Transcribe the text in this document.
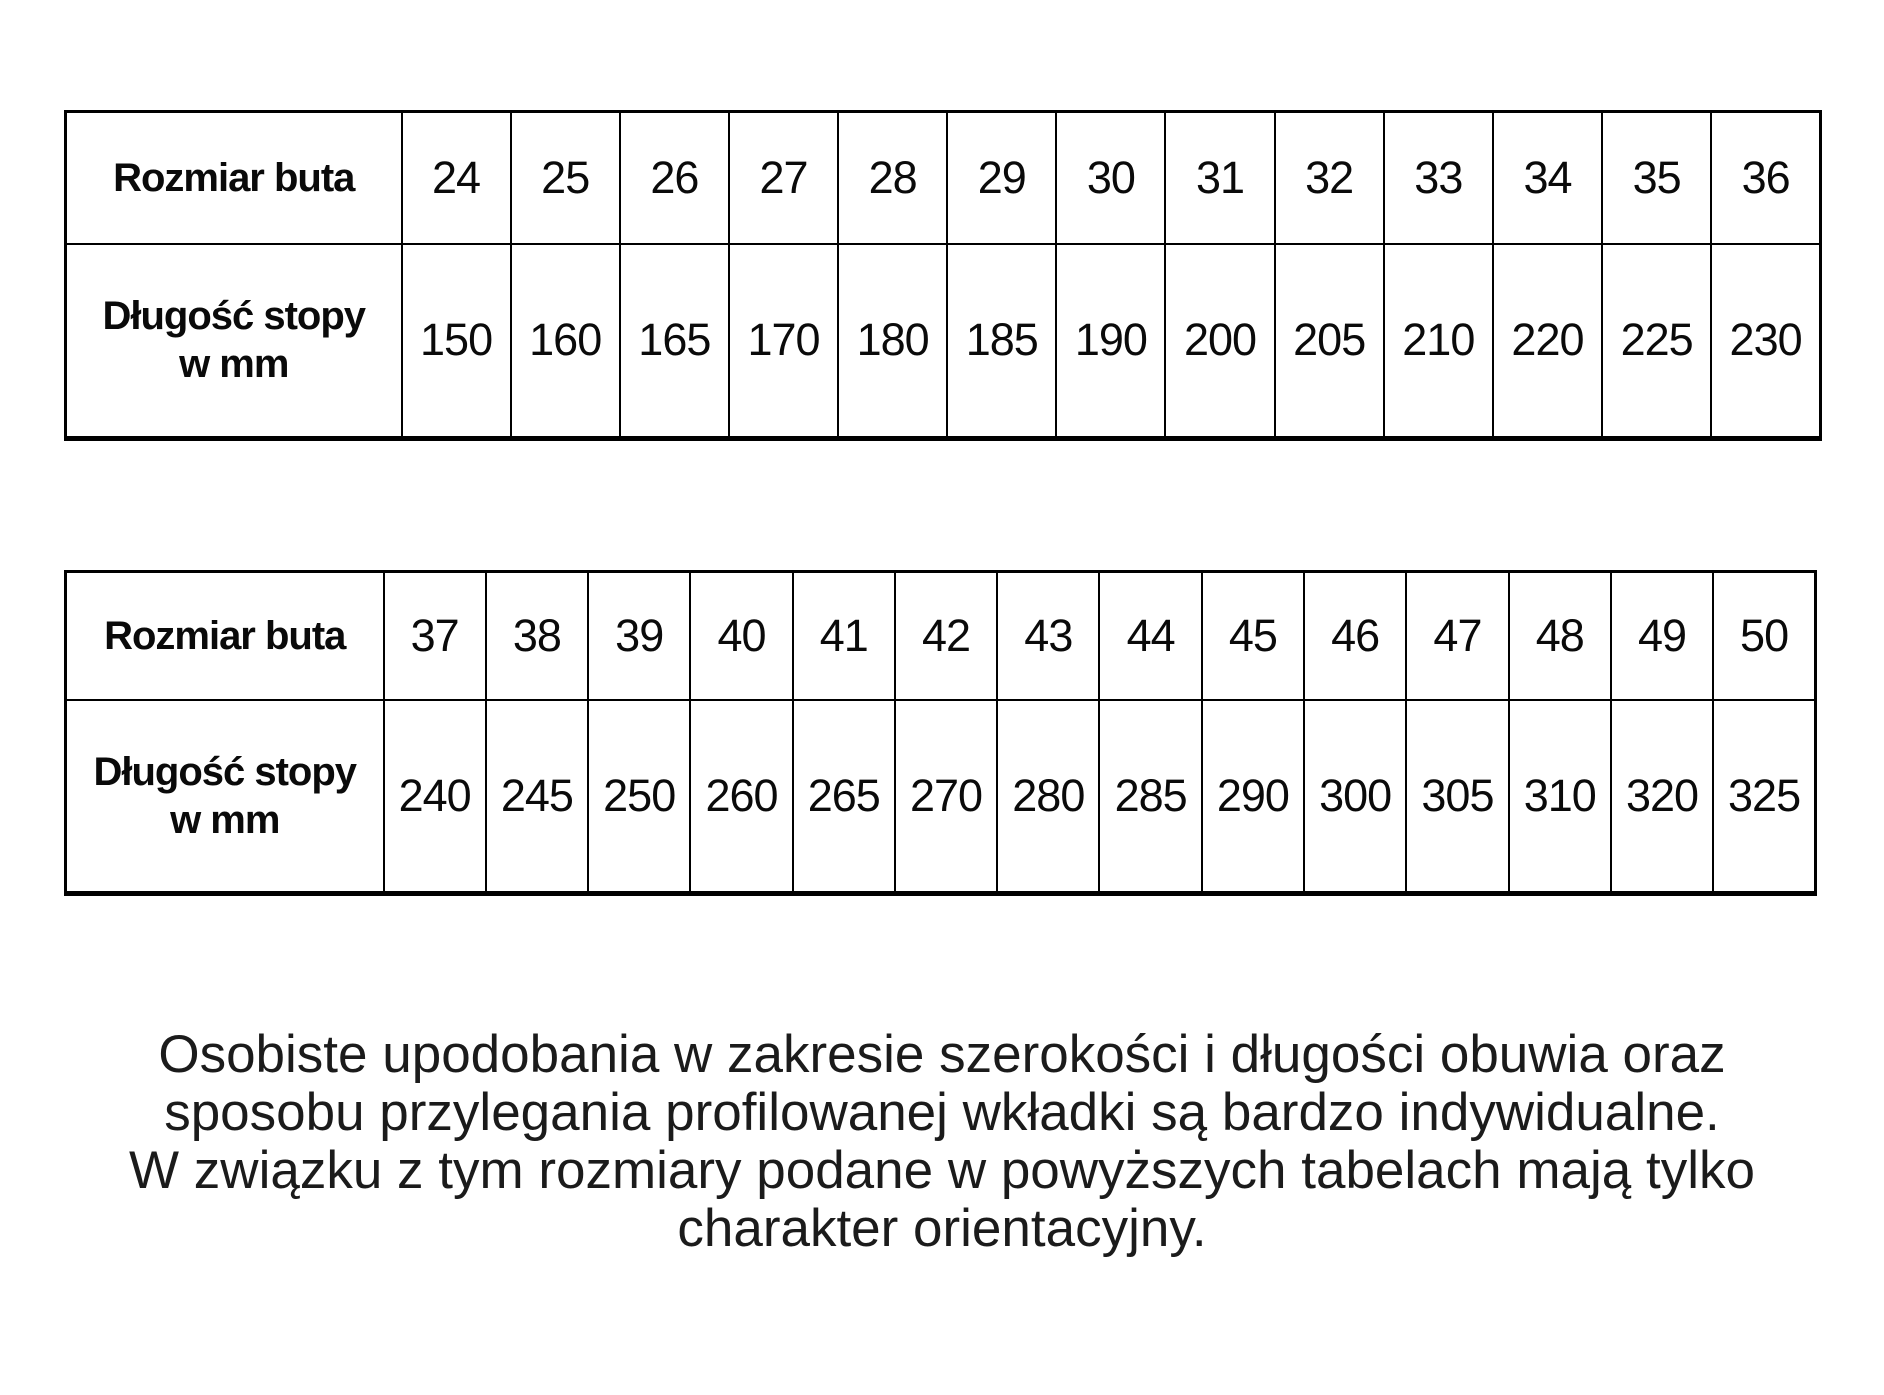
Rozmiar buta	24	25	26	27	28	29	30	31	32	33	34	35	36

Długość stopy
w mm	150	160	165	170	180	185	190	200	205	210	220	225	230
Rozmiar buta	37	38	39	40	41	42	43	44	45	46	47	48	49	50

Długość stopy
w mm	240	245	250	260	265	270	280	285	290	300	305	310	320	325
Osobiste upodobania w zakresie szerokości i długości obuwia oraz
sposobu przylegania profilowanej wkładki są bardzo indywidualne.
W związku z tym rozmiary podane w powyższych tabelach mają tylko
charakter orientacyjny.
